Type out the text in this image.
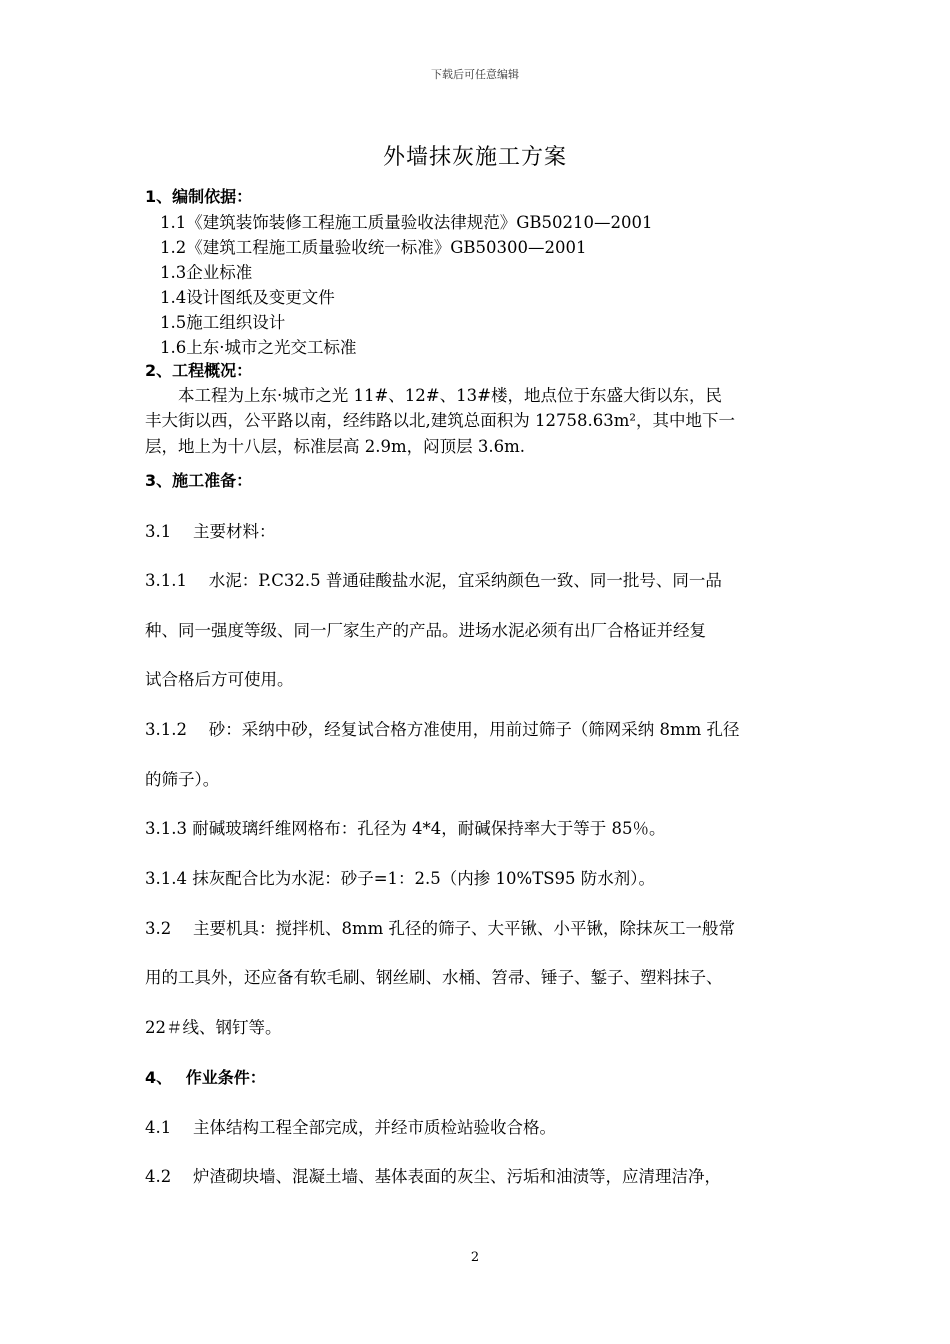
下载后可任意编辑
外墙抹灰施工方案
1、编制依据：
1.1《建筑装饰装修工程施工质量验收法律规范》GB50210—2001
1.2《建筑工程施工质量验收统一标准》GB50300—2001
1.3企业标准
1.4设计图纸及变更文件
1.5施工组织设计
1.6上东·城市之光交工标准
2、工程概况：
本工程为上东·城市之光 11#、12#、13#楼，地点位于东盛大街以东，民
丰大街以西，公平路以南，经纬路以北,建筑总面积为 12758.63m²，其中地下一
层，地上为十八层，标准层高 2.9m，闷顶层 3.6m.
3、施工准备：
3.1　 主要材料：
3.1.1　 水泥：P.C32.5 普通硅酸盐水泥，宜采纳颜色一致、同一批号、同一品
种、同一强度等级、同一厂家生产的产品。进场水泥必须有出厂合格证并经复
试合格后方可使用。
3.1.2　 砂：采纳中砂，经复试合格方准使用，用前过筛子（筛网采纳 8mm 孔径
的筛子）。
3.1.3 耐碱玻璃纤维网格布：孔径为 4*4，耐碱保持率大于等于 85％。
3.1.4 抹灰配合比为水泥：砂子=1：2.5（内掺 10%TS95 防水剂）。
3.2　 主要机具：搅拌机、8mm 孔径的筛子、大平锹、小平锹，除抹灰工一般常
用的工具外，还应备有软毛刷、钢丝刷、水桶、笤帚、锤子、錾子、塑料抹子、
22＃线、钢钉等。
4、　 作业条件：
4.1　 主体结构工程全部完成，并经市质检站验收合格。
4.2　 炉渣砌块墙、混凝土墙、基体表面的灰尘、污垢和油渍等，应清理洁净，
2
